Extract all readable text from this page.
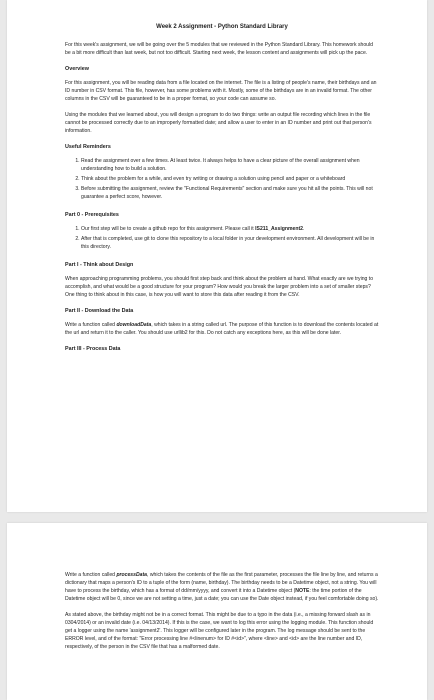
Week 2 Assignment - Python Standard Library

For this week's assignment, we will be going over the 5 modules that we reviewed in the Python Standard Library. This homework should be a bit more difficult than last week, but not too difficult. Starting next week, the lesson content and assignments will pick up the pace.

Overview

For this assignment, you will be reading data from a file located on the internet. The file is a listing of people's name, their birthdays and an ID number in CSV format. This file, however, has some problems with it. Mostly, some of the birthdays are in an invalid format. The other columns in the CSV will be guaranteed to be in a proper format, so your code can assume so.

Using the modules that we learned about, you will design a program to do two things: write an output file recording which lines in the file cannot be processed correctly due to an improperly formatted date; and allow a user to enter in an ID number and print out that person's information.

Useful Reminders
1. Read the assignment over a few times. At least twice. It always helps to have a clear picture of the overall assignment when understanding how to build a solution.
2. Think about the problem for a while, and even try writing or drawing a solution using pencil and paper or a whiteboard
3. Before submitting the assignment, review the "Functional Requirements" section and make sure you hit all the points. This will not guarantee a perfect score, however.
Part 0 - Prerequisites
1. Our first step will be to create a github repo for this assignment. Please call it IS211_Assignment2.
2. After that is completed, use git to clone this repository to a local folder in your development environment. All development will be in this directory.
Part I - Think about Design

When approaching programming problems, you should first step back and think about the problem at hand. What exactly are we trying to accomplish, and what would be a good structure for your program? How would you break the larger problem into a set of smaller steps? One thing to think about in this case, is how you will want to store this data after reading it from the CSV.

Part II - Download the Data

Write a function called downloadData, which takes in a string called url. The purpose of this function is to download the contents located at the url and return it to the caller. You should use urllib2 for this. Do not catch any exceptions here, as this will be done later.

Part III - Process Data

Write a function called processData, which takes the contents of the file as the first parameter, processes the file line by line, and returns a dictionary that maps a person's ID to a tuple of the form (name, birthday). The birthday needs to be a Datetime object, not a string. You will have to process the birthday, which has a format of dd/mm/yyyy, and convert it into a Datetime object (NOTE: the time portion of the Datetime object will be 0, since we are not setting a time, just a date; you can use the Date object instead, if you feel comfortable doing so).

As stated above, the birthday might not be in a correct format. This might be due to a typo in the data (i.e., a missing forward slash as in 0304/2014) or an invalid date (i.e. 04/13/2014). If this is the case, we want to log this error using the logging module. This function should get a logger using the name 'assignment2'. This logger will be configured later in the program. The log message should be sent to the ERROR level, and of the format: "Error processing line #<linenum> for ID #<id>", where <line> and <id> are the line number and ID, respectively, of the person in the CSV file that has a malformed date.
